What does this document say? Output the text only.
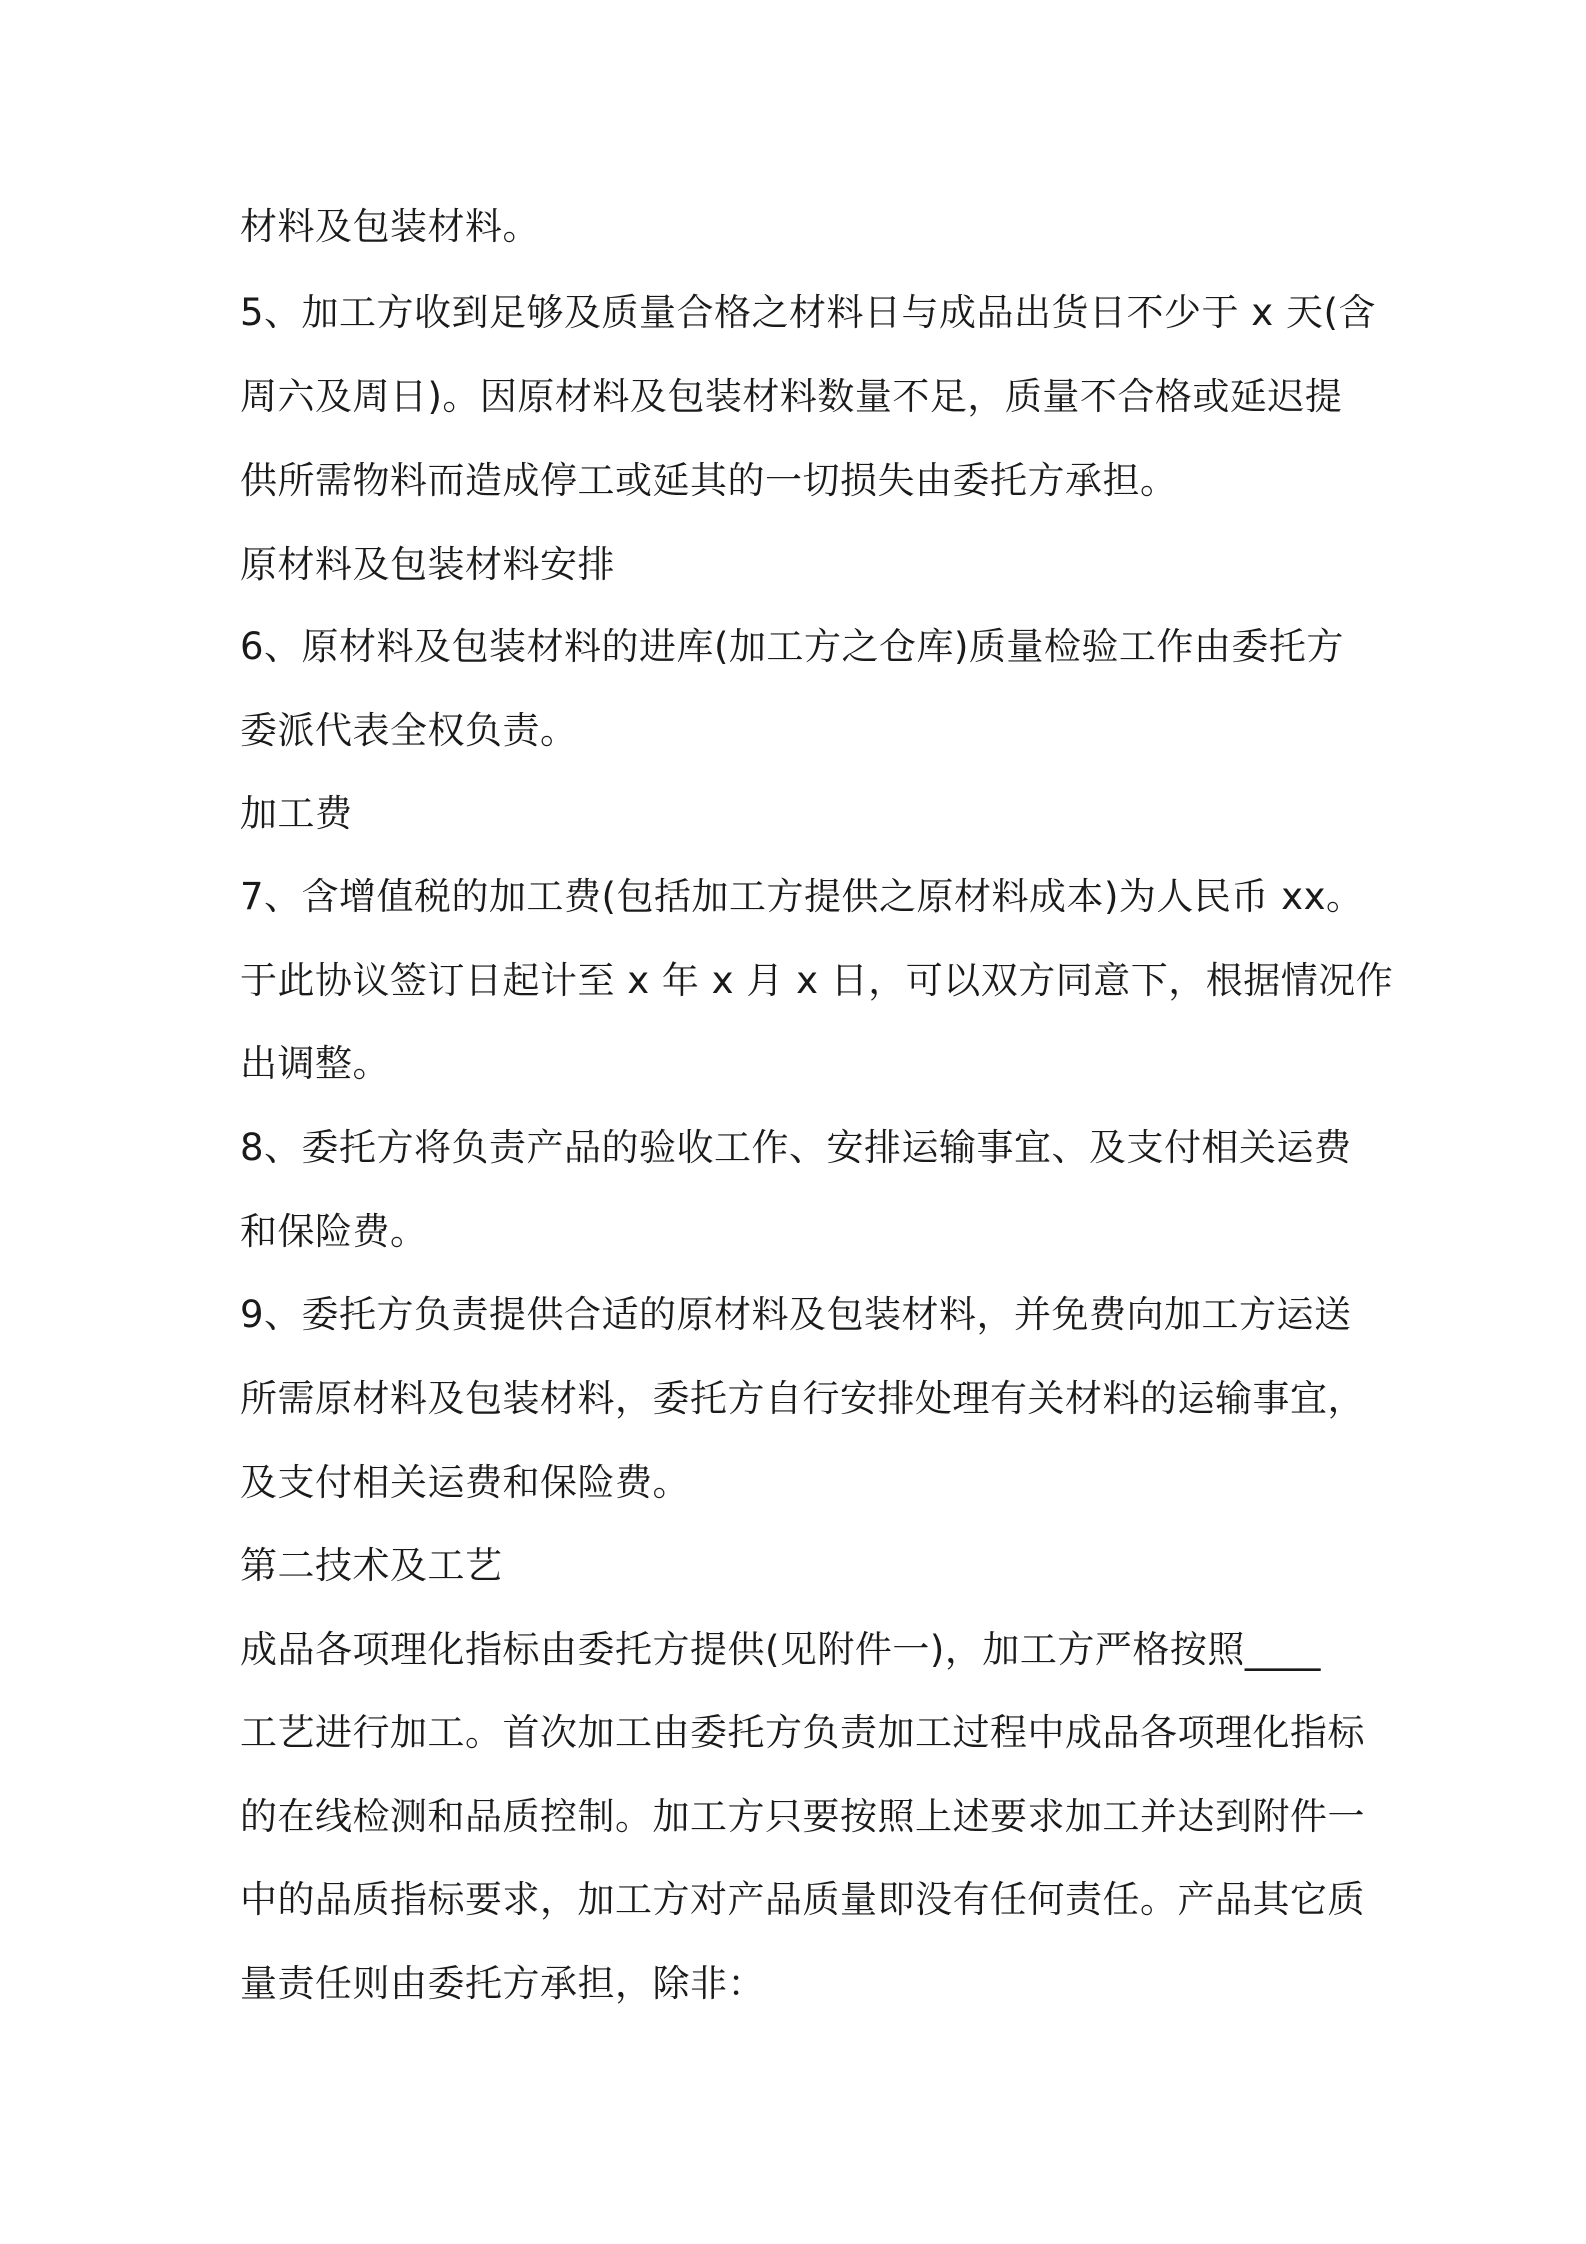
材料及包装材料。
5、加工方收到足够及质量合格之材料日与成品出货日不少于 x 天(含
周六及周日)。因原材料及包装材料数量不足，质量不合格或延迟提
供所需物料而造成停工或延其的一切损失由委托方承担。
原材料及包装材料安排
6、原材料及包装材料的进库(加工方之仓库)质量检验工作由委托方
委派代表全权负责。
加工费
7、含增值税的加工费(包括加工方提供之原材料成本)为人民币 xx。
于此协议签订日起计至 x 年 x 月 x 日，可以双方同意下，根据情况作
出调整。
8、委托方将负责产品的验收工作、安排运输事宜、及支付相关运费
和保险费。
9、委托方负责提供合适的原材料及包装材料，并免费向加工方运送
所需原材料及包装材料，委托方自行安排处理有关材料的运输事宜，
及支付相关运费和保险费。
第二技术及工艺
成品各项理化指标由委托方提供(见附件一)，加工方严格按照____
工艺进行加工。首次加工由委托方负责加工过程中成品各项理化指标
的在线检测和品质控制。加工方只要按照上述要求加工并达到附件一
中的品质指标要求，加工方对产品质量即没有任何责任。产品其它质
量责任则由委托方承担，除非：
